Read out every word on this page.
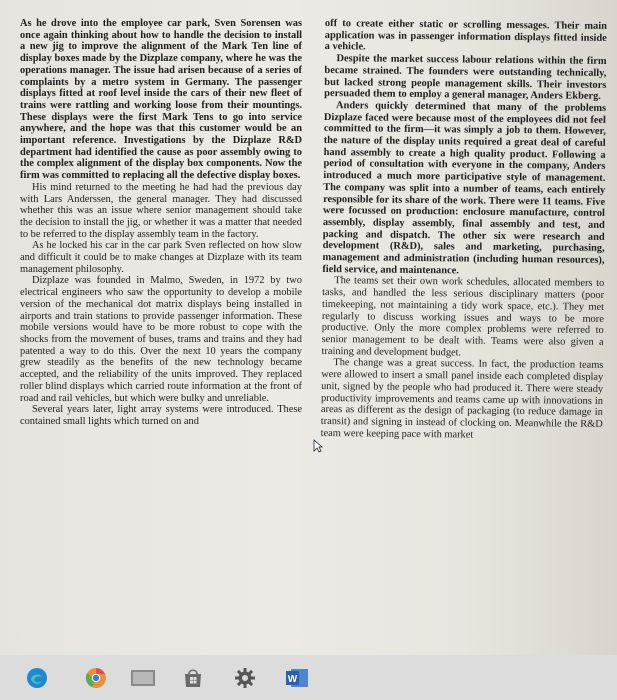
As he drove into the employee car park, Sven Sorensen was once again thinking about how to handle the decision to install a new jig to improve the alignment of the Mark Ten line of display boxes made by the Dizplaze company, where he was the operations manager. The issue had arisen because of a series of complaints by a metro system in Germany. The passenger displays fitted at roof level inside the cars of their new fleet of trains were rattling and working loose from their mountings. These displays were the first Mark Tens to go into service anywhere, and the hope was that this customer would be an important reference. Investigations by the Dizplaze R&D department had identified the cause as poor assembly owing to the complex alignment of the display box components. Now the firm was committed to replacing all the defective display boxes.

His mind returned to the meeting he had had the previous day with Lars Anderssen, the general manager. They had discussed whether this was an issue where senior management should take the decision to install the jig, or whether it was a matter that needed to be referred to the display assembly team in the factory.

As he locked his car in the car park Sven reflected on how slow and difficult it could be to make changes at Dizplaze with its team management philosophy.

Dizplaze was founded in Malmo, Sweden, in 1972 by two electrical engineers who saw the opportunity to develop a mobile version of the mechanical dot matrix displays being installed in airports and train stations to provide passenger information. These mobile versions would have to be more robust to cope with the shocks from the movement of buses, trams and trains and they had patented a way to do this. Over the next 10 years the company grew steadily as the benefits of the new technology became accepted, and the reliability of the units improved. They replaced roller blind displays which carried route information at the front of road and rail vehicles, but which were bulky and unreliable.

Several years later, light array systems were introduced. These contained small lights which turned on and

off to create either static or scrolling messages. Their main application was in passenger information displays fitted inside a vehicle.

Despite the market success labour relations within the firm became strained. The founders were outstanding technically, but lacked strong people management skills. Their investors persuaded them to employ a general manager, Anders Ekberg.

Anders quickly determined that many of the problems Dizplaze faced were because most of the employees did not feel committed to the firm—it was simply a job to them. However, the nature of the display units required a great deal of careful hand assembly to create a high quality product. Following a period of consultation with everyone in the company, Anders introduced a much more participative style of management. The company was split into a number of teams, each entirely responsible for its share of the work. There were 11 teams. Five were focussed on production: enclosure manufacture, control assembly, display assembly, final assembly and test, and packing and dispatch. The other six were research and development (R&D), sales and marketing, purchasing, management and administration (including human resources), field service, and maintenance.

The teams set their own work schedules, allocated members to tasks, and handled the less serious disciplinary matters (poor timekeeping, not maintaining a tidy work space, etc.). They met regularly to discuss working issues and ways to be more productive. Only the more complex problems were referred to senior management to be dealt with. Teams were also given a training and development budget.

The change was a great success. In fact, the production teams were allowed to insert a small panel inside each completed display unit, signed by the people who had produced it. There were steady productivity improvements and teams came up with innovations in areas as different as the design of packaging (to reduce damage in transit) and signing in instead of clocking on. Meanwhile the R&D team were keeping pace with market

W
